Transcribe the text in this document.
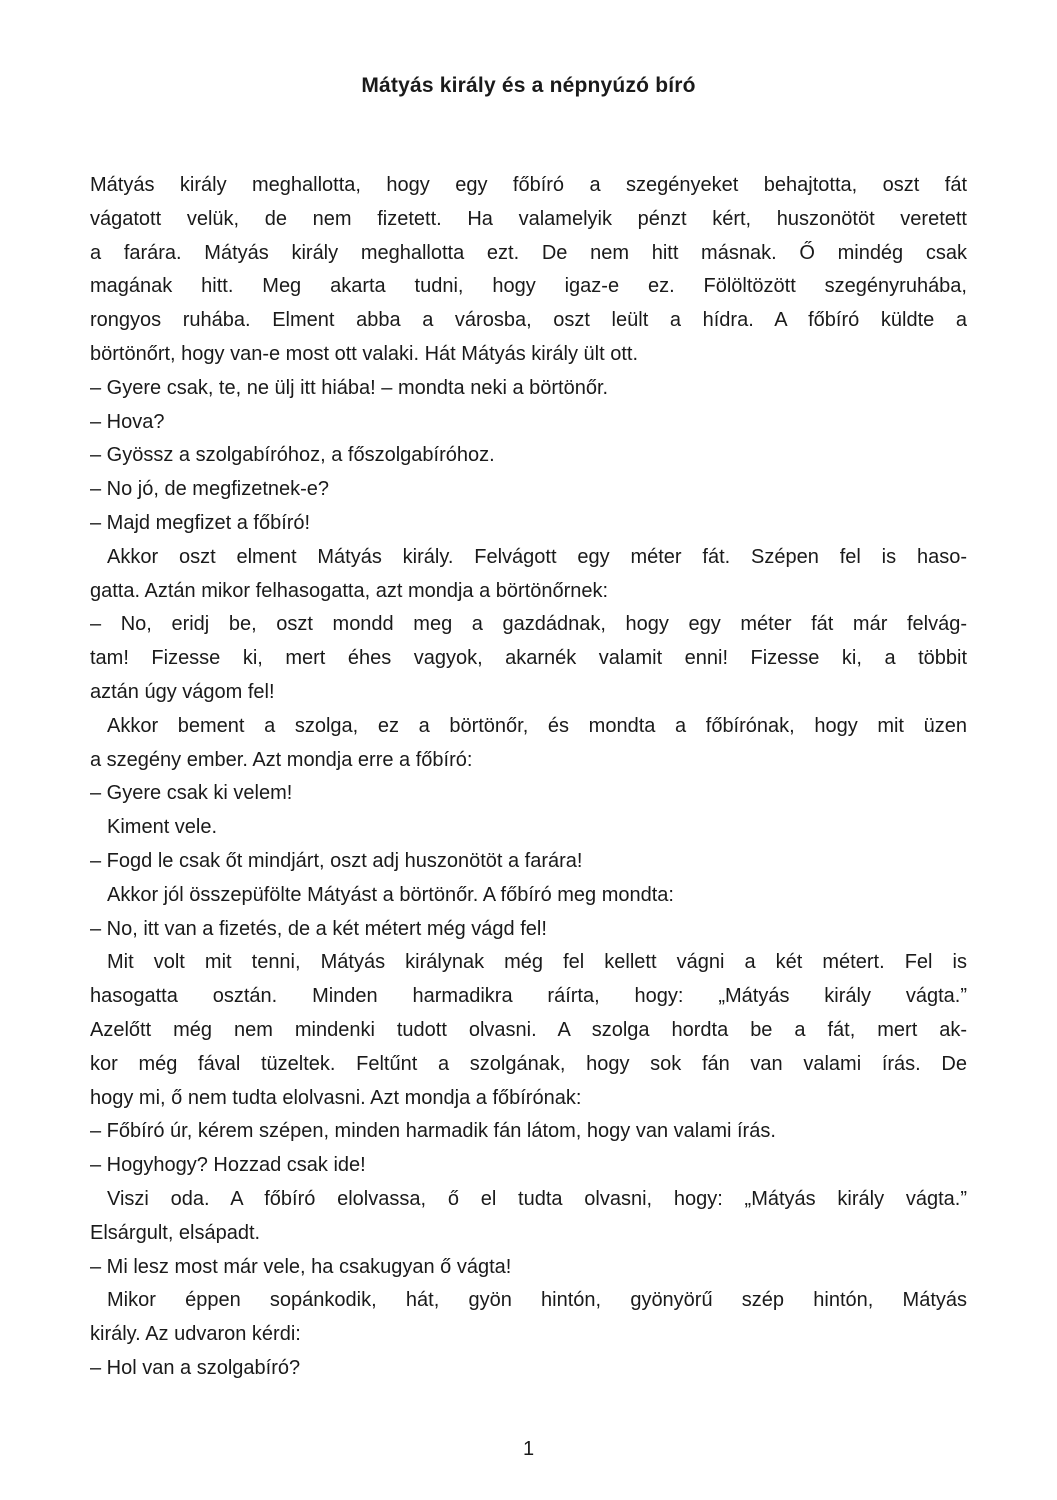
Mátyás király és a népnyúzó bíró
Mátyás király meghallotta, hogy egy főbíró a szegényeket behajtotta, oszt fát
vágatott velük, de nem fizetett. Ha valamelyik pénzt kért, huszonötöt veretett
a farára. Mátyás király meghallotta ezt. De nem hitt másnak. Ő mindég csak
magának hitt. Meg akarta tudni, hogy igaz-e ez. Fölöltözött szegényruhába,
rongyos ruhába. Elment abba a városba, oszt leült a hídra. A főbíró küldte a
börtönőrt, hogy van-e most ott valaki. Hát Mátyás király ült ott.
– Gyere csak, te, ne ülj itt hiába! – mondta neki a börtönőr.
– Hova?
– Gyössz a szolgabíróhoz, a főszolgabíróhoz.
– No jó, de megfizetnek-e?
– Majd megfizet a főbíró!
Akkor oszt elment Mátyás király. Felvágott egy méter fát. Szépen fel is haso-
gatta. Aztán mikor felhasogatta, azt mondja a börtönőrnek:
– No, eridj be, oszt mondd meg a gazdádnak, hogy egy méter fát már felvág-
tam! Fizesse ki, mert éhes vagyok, akarnék valamit enni! Fizesse ki, a többit
aztán úgy vágom fel!
Akkor bement a szolga, ez a börtönőr, és mondta a főbírónak, hogy mit üzen
a szegény ember. Azt mondja erre a főbíró:
– Gyere csak ki velem!
Kiment vele.
– Fogd le csak őt mindjárt, oszt adj huszonötöt a farára!
Akkor jól összepüfölte Mátyást a börtönőr. A főbíró meg mondta:
– No, itt van a fizetés, de a két métert még vágd fel!
Mit volt mit tenni, Mátyás királynak még fel kellett vágni a két métert. Fel is
hasogatta osztán. Minden harmadikra ráírta, hogy: „Mátyás király vágta.”
Azelőtt még nem mindenki tudott olvasni. A szolga hordta be a fát, mert ak-
kor még fával tüzeltek. Feltűnt a szolgának, hogy sok fán van valami írás. De
hogy mi, ő nem tudta elolvasni. Azt mondja a főbírónak:
– Főbíró úr, kérem szépen, minden harmadik fán látom, hogy van valami írás.
– Hogyhogy? Hozzad csak ide!
Viszi oda. A főbíró elolvassa, ő el tudta olvasni, hogy: „Mátyás király vágta.”
Elsárgult, elsápadt.
– Mi lesz most már vele, ha csakugyan ő vágta!
Mikor éppen sopánkodik, hát, gyön hintón, gyönyörű szép hintón, Mátyás
király. Az udvaron kérdi:
– Hol van a szolgabíró?
1
